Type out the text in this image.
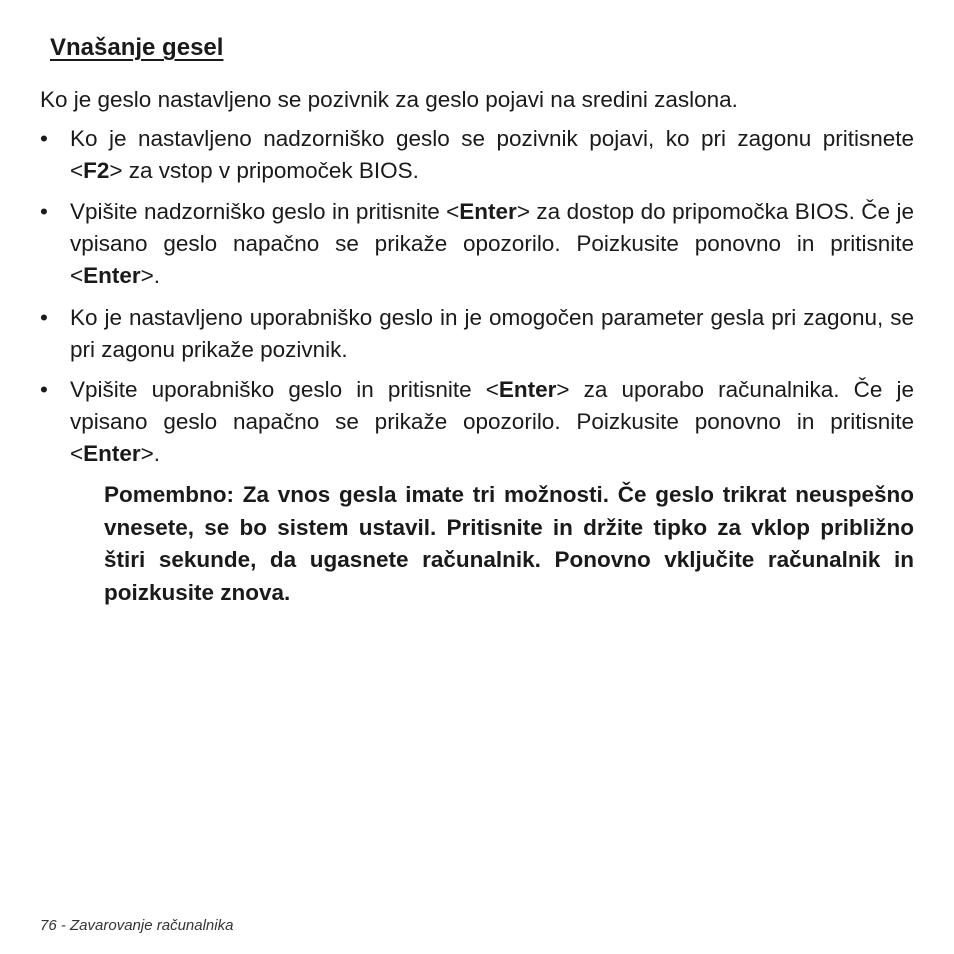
Vnašanje gesel

Ko je geslo nastavljeno se pozivnik za geslo pojavi na sredini zaslona.

• Ko je nastavljeno nadzorniško geslo se pozivnik pojavi, ko pri zagonu pritisnete <F2> za vstop v pripomoček BIOS.
• Vpišite nadzorniško geslo in pritisnite <Enter> za dostop do pripomočka BIOS. Če je vpisano geslo napačno se prikaže opozorilo. Poizkusite ponovno in pritisnite <Enter>.
• Ko je nastavljeno uporabniško geslo in je omogočen parameter gesla pri zagonu, se pri zagonu prikaže pozivnik.
• Vpišite uporabniško geslo in pritisnite <Enter> za uporabo računalnika. Če je vpisano geslo napačno se prikaže opozorilo. Poizkusite ponovno in pritisnite <Enter>.

Pomembno: Za vnos gesla imate tri možnosti. Če geslo trikrat neuspešno vnesete, se bo sistem ustavil. Pritisnite in držite tipko za vklop približno štiri sekunde, da ugasnete računalnik. Ponovno vključite računalnik in poizkusite znova.

76 - Zavarovanje računalnika
